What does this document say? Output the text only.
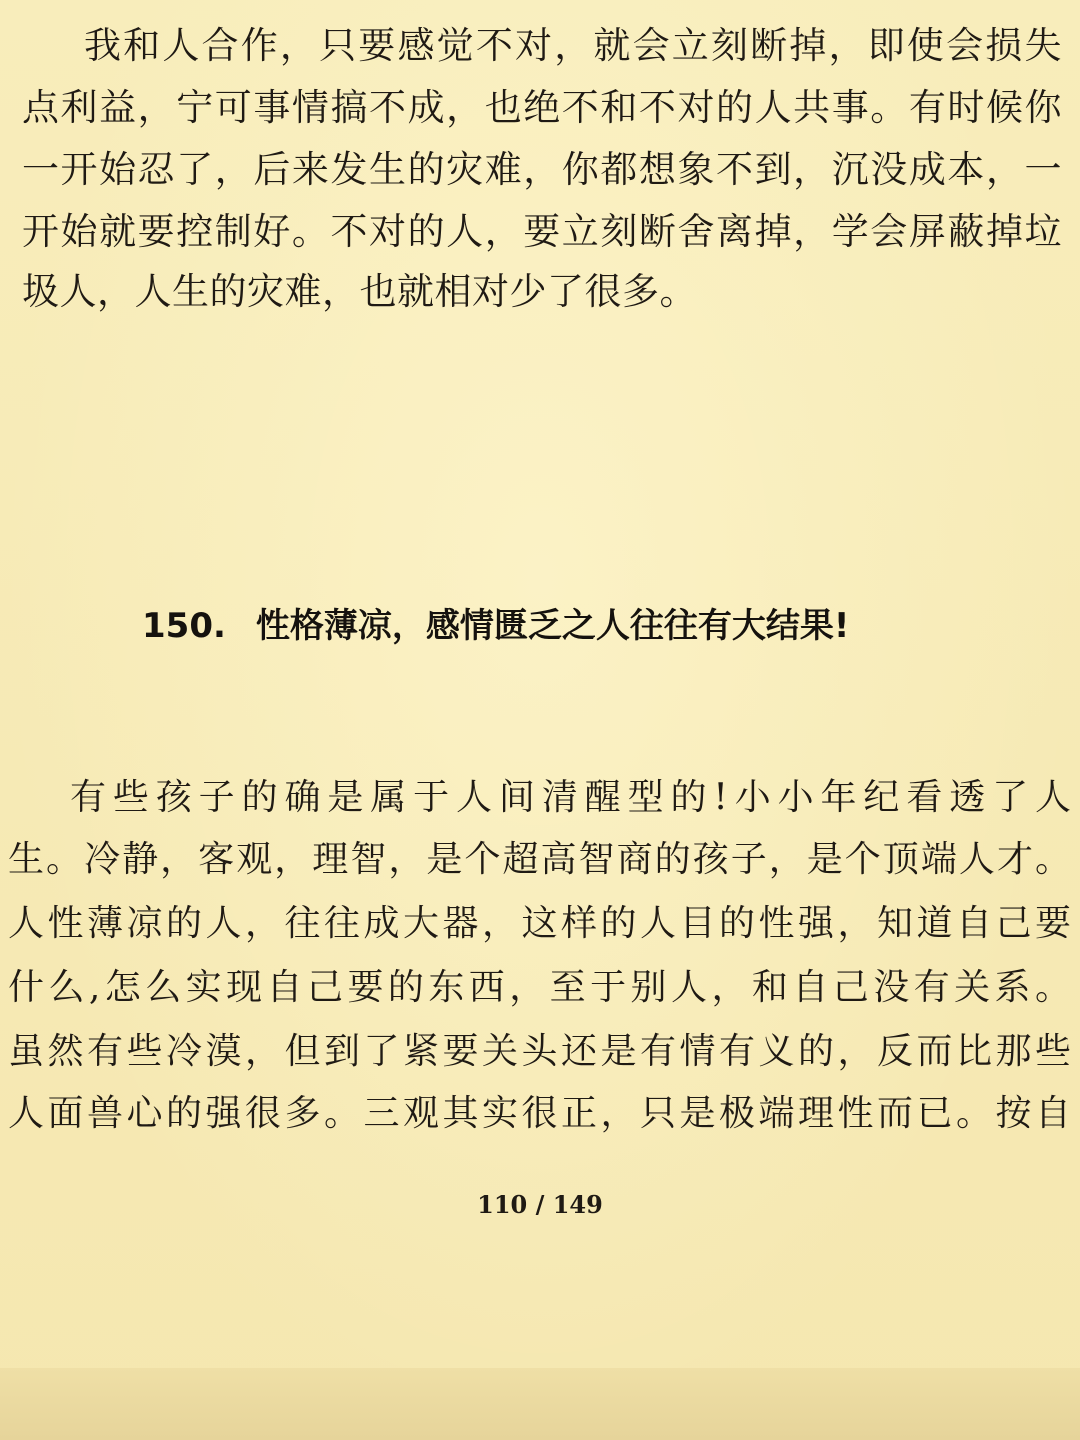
我和人合作，只要感觉不对，就会立刻断掉，即使会损失
点利益，宁可事情搞不成，也绝不和不对的人共事。有时候你
一开始忍了，后来发生的灾难，你都想象不到，沉没成本，一
开始就要控制好。不对的人，要立刻断舍离掉，学会屏蔽掉垃
圾人，人生的灾难，也就相对少了很多。
150. 性格薄凉，感情匮乏之人往往有大结果!
有些孩子的确是属于人间清醒型的!小小年纪看透了人
生。冷静，客观，理智，是个超高智商的孩子，是个顶端人才。
人性薄凉的人，往往成大器，这样的人目的性强，知道自己要
什么,怎么实现自己要的东西，至于别人，和自己没有关系。
虽然有些冷漠，但到了紧要关头还是有情有义的，反而比那些
人面兽心的强很多。三观其实很正，只是极端理性而已。按自
110 / 149
